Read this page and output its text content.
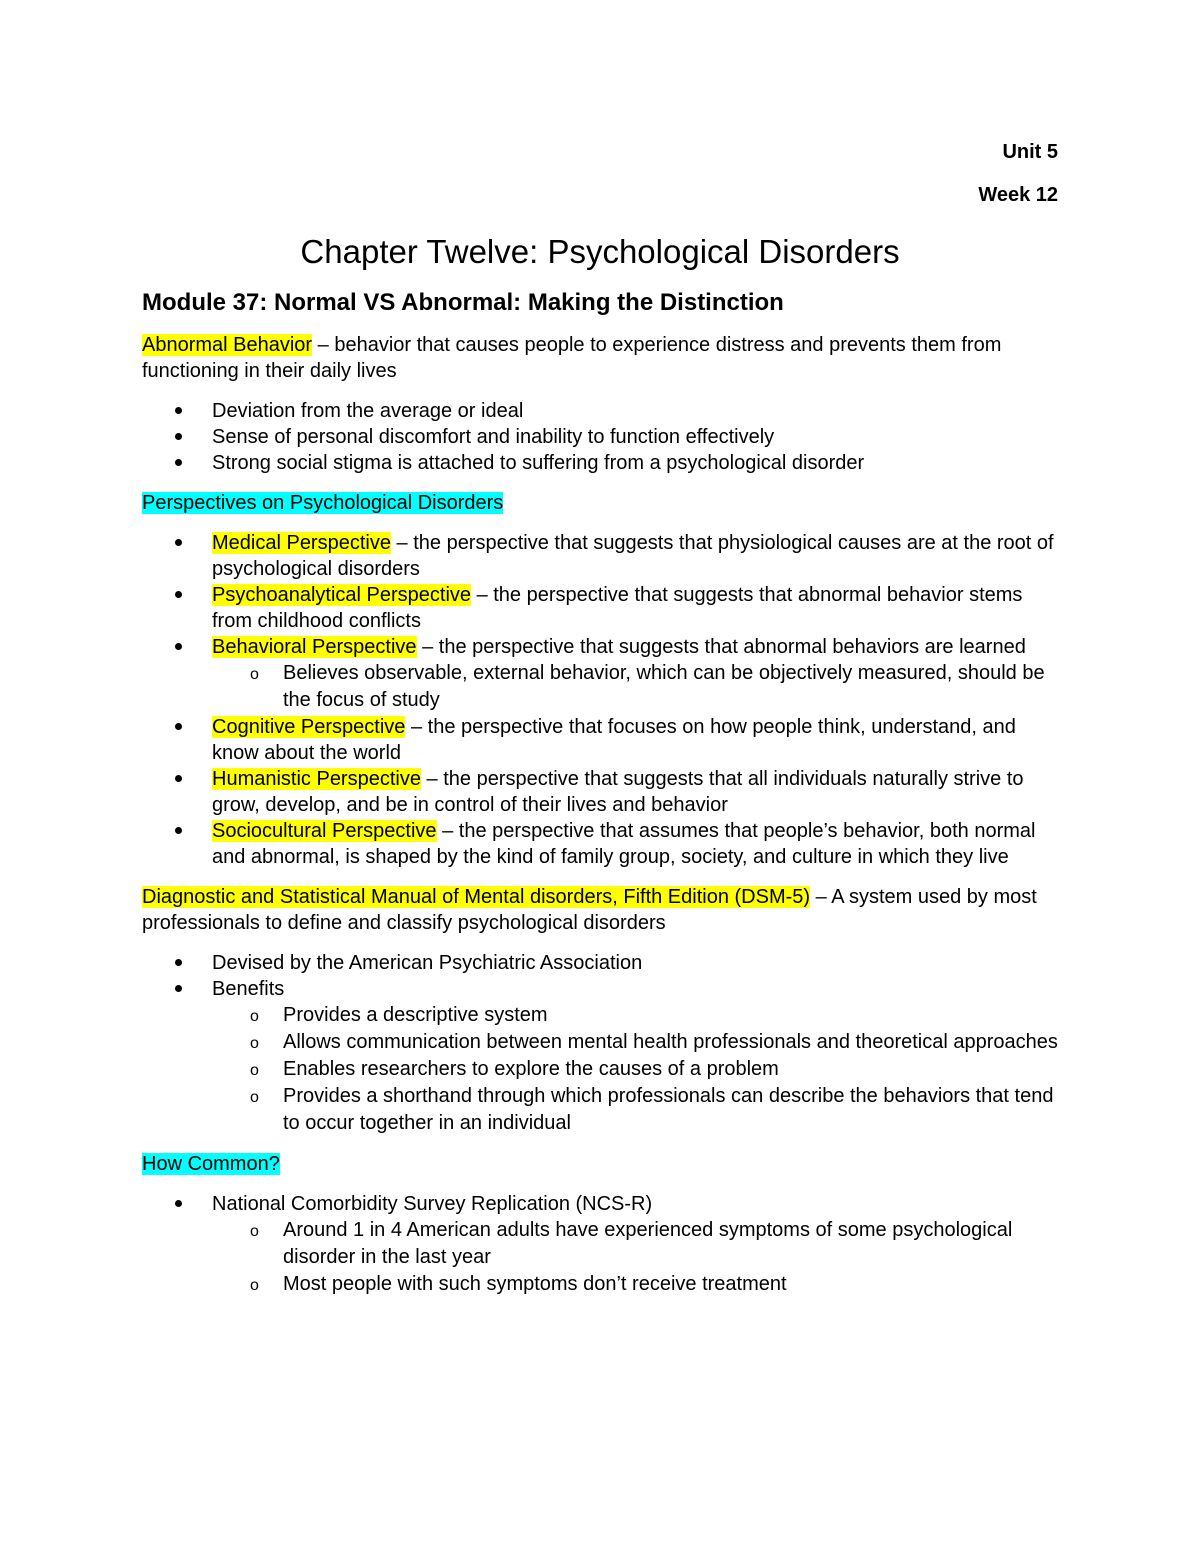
Unit 5
Week 12
Chapter Twelve: Psychological Disorders
Module 37: Normal VS Abnormal: Making the Distinction

Abnormal Behavior – behavior that causes people to experience distress and prevents them from functioning in their daily lives

Deviation from the average or ideal
Sense of personal discomfort and inability to function effectively
Strong social stigma is attached to suffering from a psychological disorder

Perspectives on Psychological Disorders

Medical Perspective – the perspective that suggests that physiological causes are at the root of psychological disorders
Psychoanalytical Perspective – the perspective that suggests that abnormal behavior stems from childhood conflicts
Behavioral Perspective – the perspective that suggests that abnormal behaviors are learned
o Believes observable, external behavior, which can be objectively measured, should be the focus of study
Cognitive Perspective – the perspective that focuses on how people think, understand, and know about the world
Humanistic Perspective – the perspective that suggests that all individuals naturally strive to grow, develop, and be in control of their lives and behavior
Sociocultural Perspective – the perspective that assumes that people’s behavior, both normal and abnormal, is shaped by the kind of family group, society, and culture in which they live

Diagnostic and Statistical Manual of Mental disorders, Fifth Edition (DSM-5) – A system used by most professionals to define and classify psychological disorders

Devised by the American Psychiatric Association
Benefits
o Provides a descriptive system
o Allows communication between mental health professionals and theoretical approaches
o Enables researchers to explore the causes of a problem
o Provides a shorthand through which professionals can describe the behaviors that tend to occur together in an individual

How Common?

National Comorbidity Survey Replication (NCS-R)
o Around 1 in 4 American adults have experienced symptoms of some psychological disorder in the last year
o Most people with such symptoms don’t receive treatment
